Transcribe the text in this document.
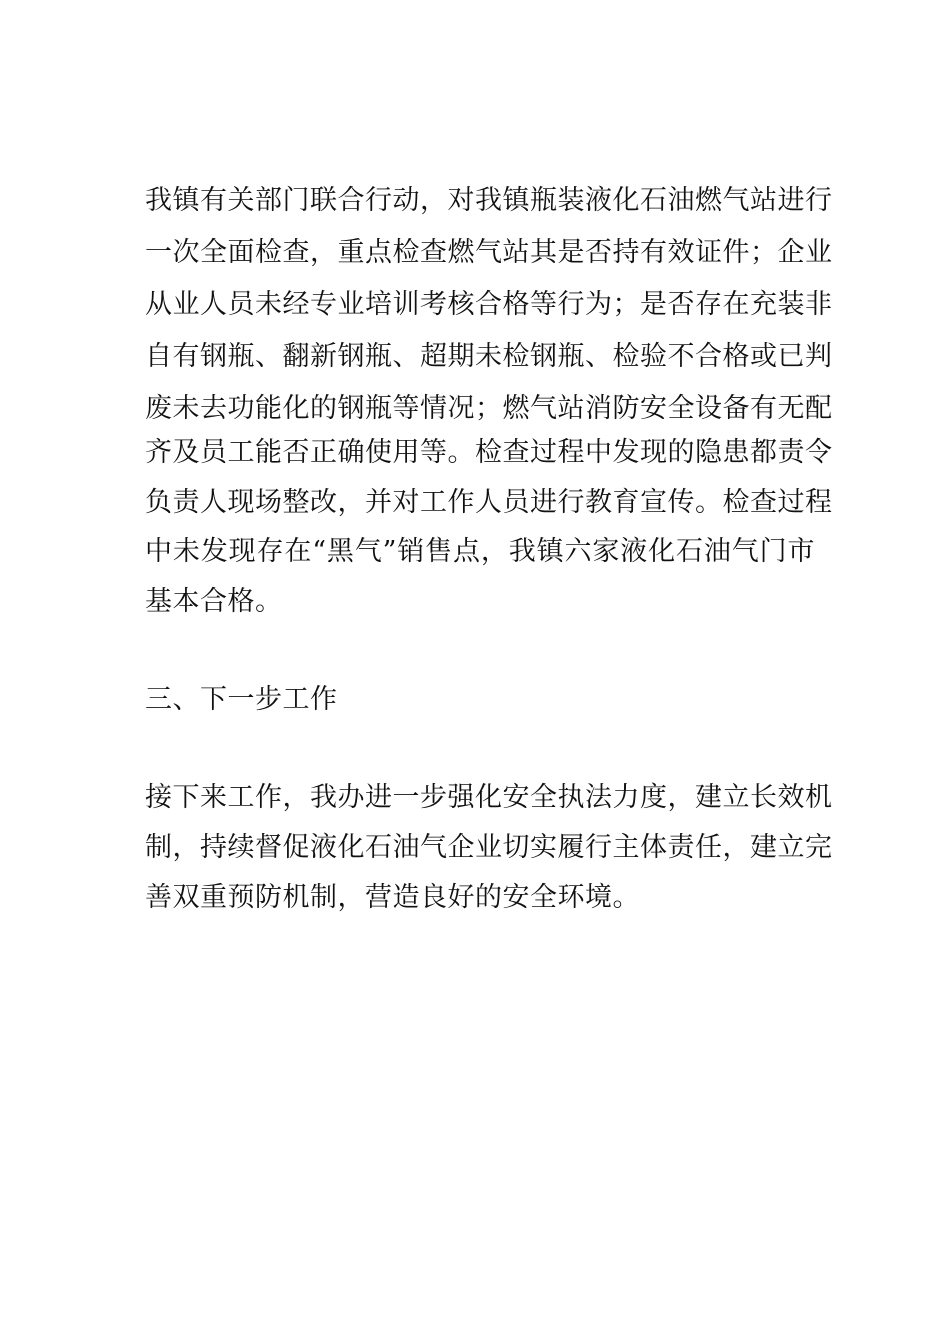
我镇有关部门联合行动，对我镇瓶装液化石油燃气站进行
一次全面检查，重点检查燃气站其是否持有效证件；企业
从业人员未经专业培训考核合格等行为；是否存在充装非
自有钢瓶、翻新钢瓶、超期未检钢瓶、检验不合格或已判
废未去功能化的钢瓶等情况；燃气站消防安全设备有无配
齐及员工能否正确使用等。检查过程中发现的隐患都责令
负责人现场整改，并对工作人员进行教育宣传。检查过程
中未发现存在“黑气”销售点，我镇六家液化石油气门市
基本合格。
三、下一步工作
接下来工作，我办进一步强化安全执法力度，建立长效机
制，持续督促液化石油气企业切实履行主体责任，建立完
善双重预防机制，营造良好的安全环境。
